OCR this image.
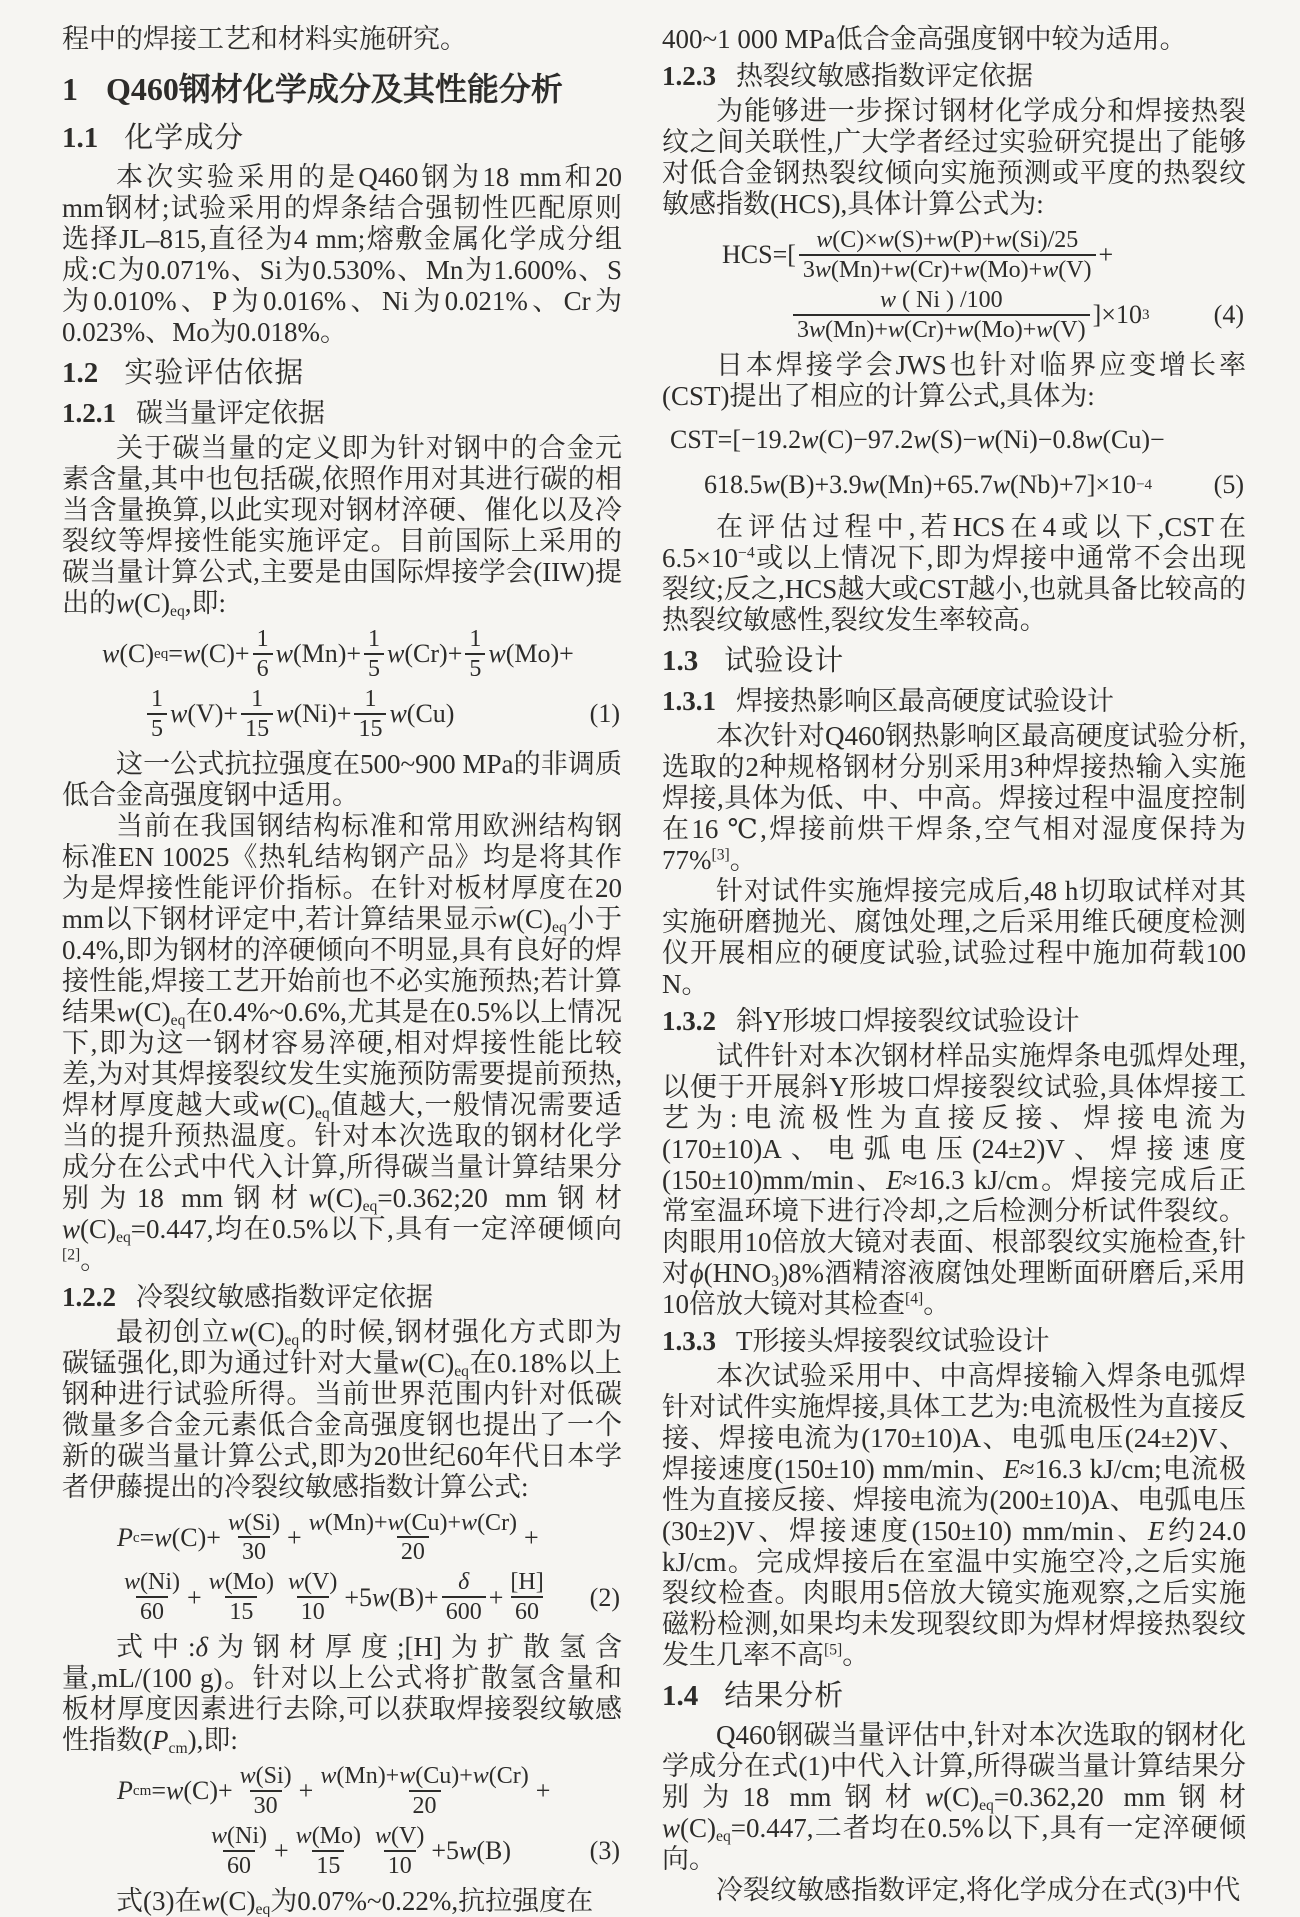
程中的焊接工艺和材料实施研究。

1 Q460钢材化学成分及其性能分析
1.1 化学成分

本次实验采用的是Q460钢为18 mm和20 mm钢材;试验采用的焊条结合强韧性匹配原则选择JL–815,直径为4 mm;熔敷金属化学成分组成:C为0.071%、Si为0.530%、Mn为1.600%、S为0.010%、P为0.016%、Ni为0.021%、Cr为0.023%、Mo为0.018%。

1.2 实验评估依据
1.2.1 碳当量评定依据

关于碳当量的定义即为针对钢中的合金元素含量,其中也包括碳,依照作用对其进行碳的相当含量换算,以此实现对钢材淬硬、催化以及冷裂纹等焊接性能实施评定。目前国际上采用的碳当量计算公式,主要是由国际焊接学会(IIW)提出的$w(C)_{eq}$,即:

w (C) eq = w $(C)+ \frac{1}{6}$ w $(Mn)+ \frac{1}{5}$ w $(Cr)+ \frac{1}{5}$ w (Mo)+
$\frac{1}{5}$ w $(V)+ \frac{1}{15}$ w $(Ni)+ \frac{1}{15}$ w (Cu)	(1)

这一公式抗拉强度在500~900 MPa的非调质低合金高强度钢中适用。

当前在我国钢结构标准和常用欧洲结构钢标准EN 10025《热轧结构钢产品》均是将其作为是焊接性能评价指标。在针对板材厚度在20 mm以下钢材评定中,若计算结果显示$w(C)_{eq}$小于0.4%,即为钢材的淬硬倾向不明显,具有良好的焊接性能,焊接工艺开始前也不必实施预热;若计算结果$w(C)_{eq}$在0.4%~0.6%,尤其是在0.5%以上情况下,即为这一钢材容易淬硬,相对焊接性能比较差,为对其焊接裂纹发生实施预防需要提前预热,焊材厚度越大或$w(C)_{eq}$值越大,一般情况需要适当的提升预热温度。针对本次选取的钢材化学成分在公式中代入计算,所得碳当量计算结果分别为18 mm钢材$w(C)_{eq}=0.362;20$ mm钢材$w(C)_{eq}=0.447$,均在0.5%以下,具有一定淬硬倾向[2]。

1.2.2 冷裂纹敏感指数评定依据

最初创立$w(C)_{eq}$的时候,钢材强化方式即为碳锰强化,即为通过针对大量$w(C)_{eq}$在0.18%以上钢种进行试验所得。当前世界范围内针对低碳微量多合金元素低合金高强度钢也提出了一个新的碳当量计算公式,即为20世纪60年代日本学者伊藤提出的冷裂纹敏感指数计算公式:

P c = w $(C)+ \frac{w(Si)}{30} + \frac{w(Mn)+w(Cu)+w(Cr)}{20}$ +
$\frac{w(Ni)}{60} + \frac{w(Mo)}{15} \frac{w(V)}{10} +5$ w $(B)+ \frac{\delta}{600} + \frac{[H]}{60} (2)$

式中:δ为钢材厚度;[H]为扩散氢含量,mL/(100 g)。针对以上公式将扩散氢含量和板材厚度因素进行去除,可以获取焊接裂纹敏感性指数$(P_{cm})$,即:

P cm = w $(C)+ \frac{w(Si)}{30} + \frac{w(Mn)+w(Cu)+w(Cr)}{20}$ +
$\frac{w(Ni)}{60} + \frac{w(Mo)}{15} \frac{w(V)}{10} +5$ w (B)	(3)

式(3)在$w(C)_{eq}$为0.07%~0.22%,抗拉强度在

400~1 000 MPa低合金高强度钢中较为适用。

1.2.3 热裂纹敏感指数评定依据

为能够进一步探讨钢材化学成分和焊接热裂纹之间关联性,广大学者经过实验研究提出了能够对低合金钢热裂纹倾向实施预测或平度的热裂纹敏感指数(HCS),具体计算公式为:

$HCS=[ \frac{w(C)\times w(S)+w(P)+w(Si)/25}{3w(Mn)+w(Cr)+w(Mo)+w(V)}$ +
$\frac{w ( Ni ) /100}{3w(Mn)+w(Cr)+w(Mo)+w(V)} ]\times 10$ 3 (4)

日本焊接学会JWS也针对临界应变增长率(CST)提出了相应的计算公式,具体为:

CST=[−19.2 w (C)−97.2 w (S)− w (Ni)−0.8 w (Cu)−
618.5 w (B)+3.9 w (Mn)+65.7 w (Nb)+7]×10 −4 (5)

在评估过程中,若HCS在4或以下,CST在$6.5\times 10^{-4}$或以上情况下,即为焊接中通常不会出现裂纹;反之,HCS越大或CST越小,也就具备比较高的热裂纹敏感性,裂纹发生率较高。

1.3 试验设计
1.3.1 焊接热影响区最高硬度试验设计

本次针对Q460钢热影响区最高硬度试验分析,选取的2种规格钢材分别采用3种焊接热输入实施焊接,具体为低、中、中高。焊接过程中温度控制在16 ℃,焊接前烘干焊条,空气相对湿度保持为77%[3]。

针对试件实施焊接完成后,48 h切取试样对其实施研磨抛光、腐蚀处理,之后采用维氏硬度检测仪开展相应的硬度试验,试验过程中施加荷载100 N。

1.3.2 斜Y形坡口焊接裂纹试验设计

试件针对本次钢材样品实施焊条电弧焊处理,以便于开展斜Y形坡口焊接裂纹试验,具体焊接工艺为:电流极性为直接反接、焊接电流为(170±10)A、电弧电压(24±2)V、焊接速度(150±10)mm/min、E≈16.3 kJ/cm。焊接完成后正常室温环境下进行冷却,之后检测分析试件裂纹。肉眼用10倍放大镜对表面、根部裂纹实施检查,针对$\phi(HNO_3)8\%$酒精溶液腐蚀处理断面研磨后,采用10倍放大镜对其检查[4]。

1.3.3 T形接头焊接裂纹试验设计

本次试验采用中、中高焊接输入焊条电弧焊针对试件实施焊接,具体工艺为:电流极性为直接反接、焊接电流为(170±10)A、电弧电压(24±2)V、焊接速度(150±10) mm/min、E≈16.3 kJ/cm;电流极性为直接反接、焊接电流为(200±10)A、电弧电压(30±2)V、焊接速度(150±10) mm/min、E约24.0 kJ/cm。完成焊接后在室温中实施空冷,之后实施裂纹检查。肉眼用5倍放大镜实施观察,之后实施磁粉检测,如果均未发现裂纹即为焊材焊接热裂纹发生几率不高[5]。

1.4 结果分析

Q460钢碳当量评估中,针对本次选取的钢材化学成分在式(1)中代入计算,所得碳当量计算结果分别为18 mm钢材$w(C)_{eq}=0.362,20$ mm钢材$w(C)_{eq}=0.447$,二者均在0.5%以下,具有一定淬硬倾向。

冷裂纹敏感指数评定,将化学成分在式(3)中代
